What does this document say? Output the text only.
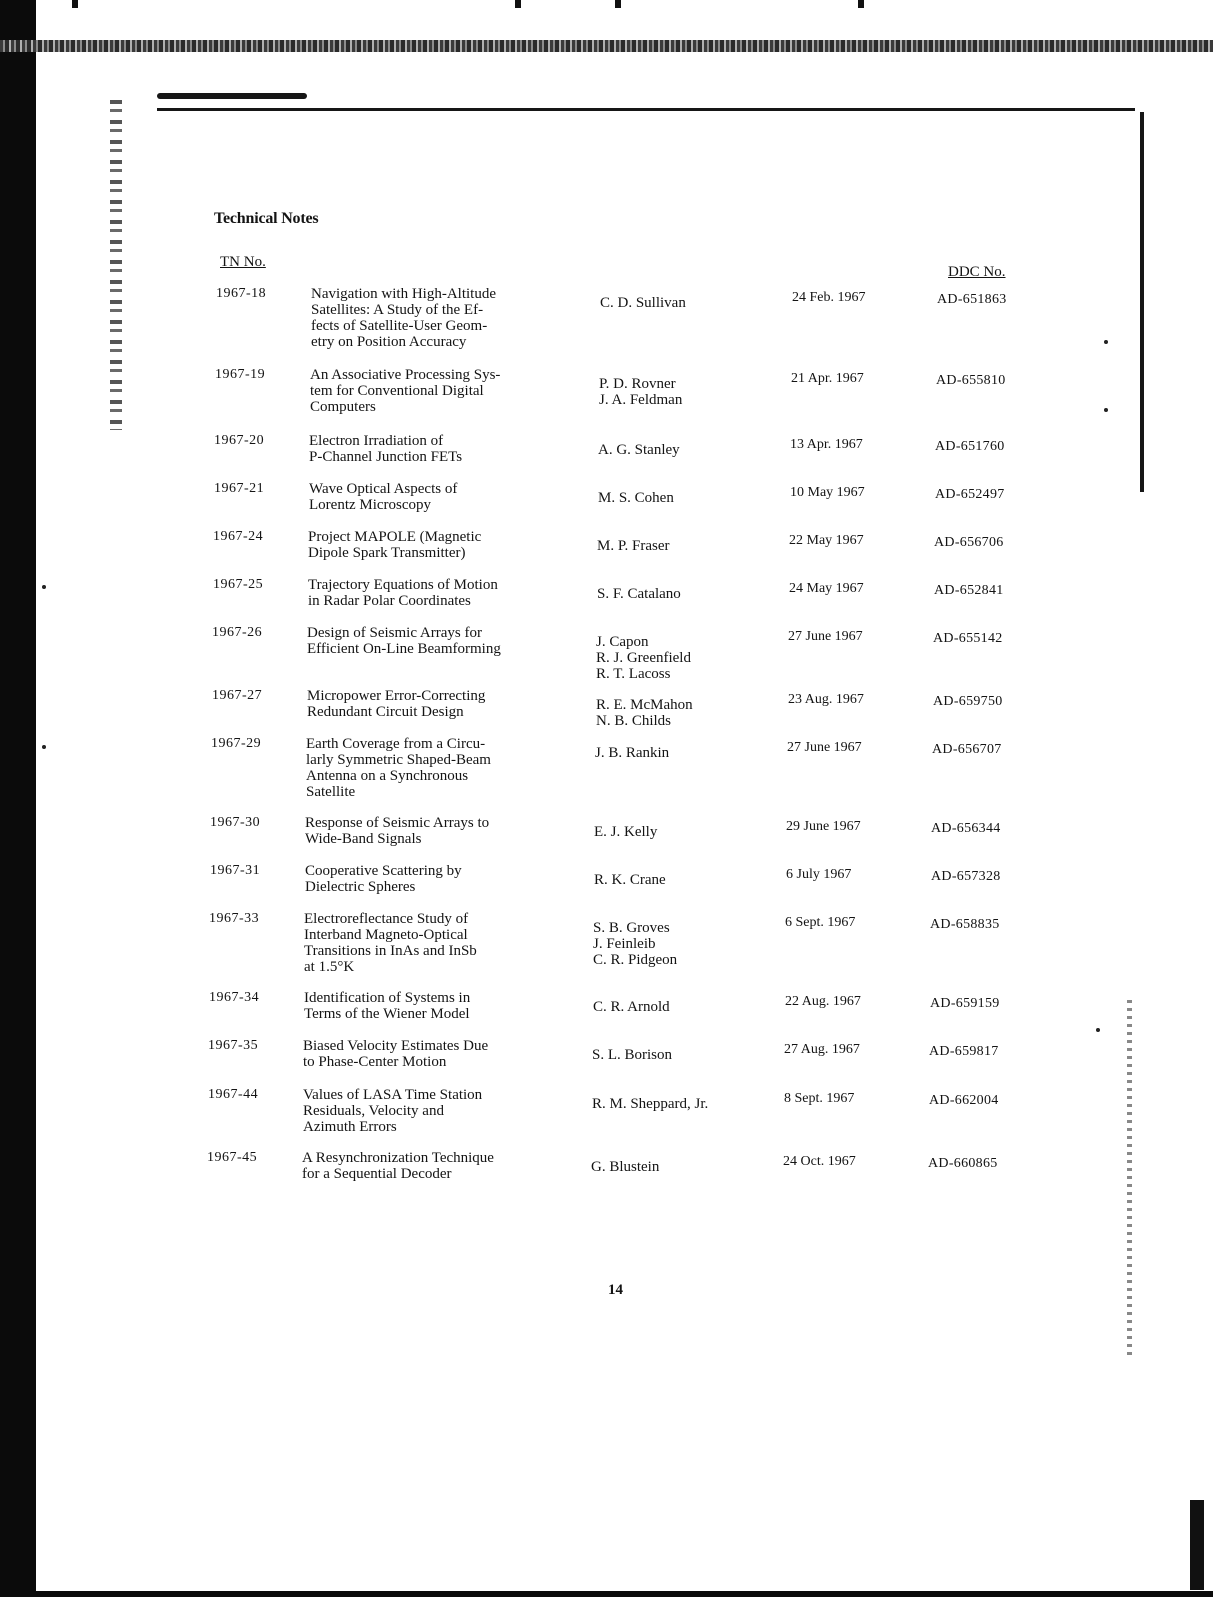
Technical Notes
TN No.
DDC No.
1967-18	Navigation with High-Altitude
Satellites: A Study of the Ef-
fects of Satellite-User Geom-
etry on Position Accuracy
C. D. Sullivan	24 Feb. 1967	AD-651863
1967-19	An Associative Processing Sys-
tem for Conventional Digital
Computers
P. D. Rovner
J. A. Feldman
21 Apr. 1967	AD-655810
1967-20	Electron Irradiation of
P-Channel Junction FETs	A. G. Stanley	13 Apr. 1967	AD-651760
1967-21	Wave Optical Aspects of
Lorentz Microscopy	M. S. Cohen	10 May 1967	AD-652497
1967-24	Project MAPOLE (Magnetic
Dipole Spark Transmitter)	M. P. Fraser	22 May 1967	AD-656706
1967-25	Trajectory Equations of Motion
in Radar Polar Coordinates	S. F. Catalano	24 May 1967	AD-652841
1967-26	Design of Seismic Arrays for
Efficient On-Line Beamforming	J. Capon
R. J. Greenfield
R. T. Lacoss
27 June 1967	AD-655142
1967-27	Micropower Error-Correcting
Redundant Circuit Design	R. E. McMahon
N. B. Childs
23 Aug. 1967	AD-659750
1967-29	Earth Coverage from a Circu-
larly Symmetric Shaped-Beam
Antenna on a Synchronous
Satellite
J. B. Rankin	27 June 1967	AD-656707
1967-30	Response of Seismic Arrays to
Wide-Band Signals	E. J. Kelly	29 June 1967	AD-656344
1967-31	Cooperative Scattering by
Dielectric Spheres	R. K. Crane	6 July 1967	AD-657328
1967-33	Electroreflectance Study of
Interband Magneto-Optical
Transitions in InAs and InSb
at 1.5°K
S. B. Groves
J. Feinleib
C. R. Pidgeon
6 Sept. 1967	AD-658835
1967-34	Identification of Systems in
Terms of the Wiener Model	C. R. Arnold	22 Aug. 1967	AD-659159
1967-35	Biased Velocity Estimates Due
to Phase-Center Motion	S. L. Borison	27 Aug. 1967	AD-659817
1967-44	Values of LASA Time Station
Residuals, Velocity and
Azimuth Errors
R. M. Sheppard, Jr.	8 Sept. 1967	AD-662004
1967-45	A Resynchronization Technique
for a Sequential Decoder	G. Blustein	24 Oct. 1967	AD-660865
14
